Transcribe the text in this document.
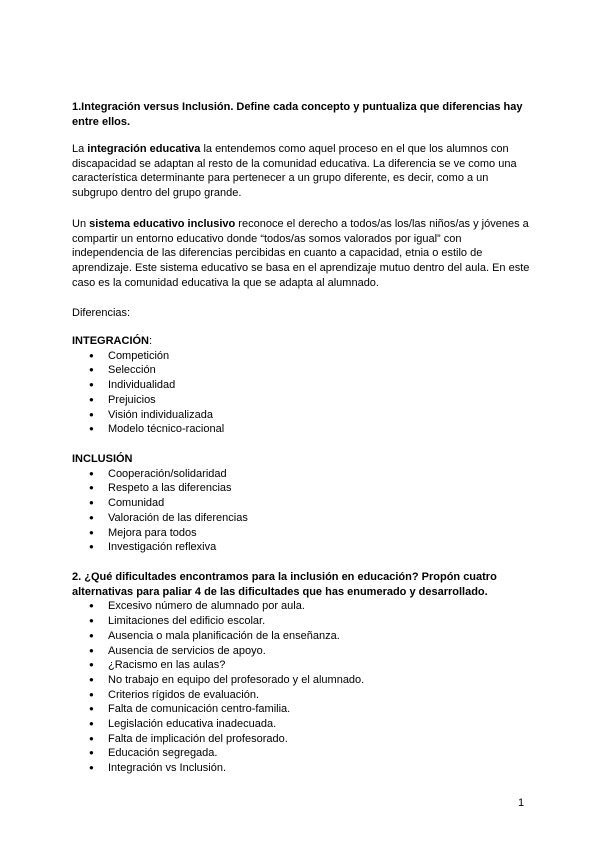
1.Integración versus Inclusión. Define cada concepto y puntualiza que diferencias hay entre ellos.

La integración educativa la entendemos como aquel proceso en el que los alumnos con discapacidad se adaptan al resto de la comunidad educativa. La diferencia se ve como una característica determinante para pertenecer a un grupo diferente, es decir, como a un subgrupo dentro del grupo grande.

Un sistema educativo inclusivo reconoce el derecho a todos/as los/las niños/as y jóvenes a compartir un entorno educativo donde “todos/as somos valorados por igual” con independencia de las diferencias percibidas en cuanto a capacidad, etnia o estilo de aprendizaje. Este sistema educativo se basa en el aprendizaje mutuo dentro del aula. En este caso es la comunidad educativa la que se adapta al alumnado.

Diferencias:

INTEGRACIÓN:

● Competición
● Selección
● Individualidad
● Prejuicios
● Visión individualizada
● Modelo técnico-racional

INCLUSIÓN

● Cooperación/solidaridad
● Respeto a las diferencias
● Comunidad
● Valoración de las diferencias
● Mejora para todos
● Investigación reflexiva

2. ¿Qué dificultades encontramos para la inclusión en educación? Propón cuatro alternativas para paliar 4 de las dificultades que has enumerado y desarrollado.

● Excesivo número de alumnado por aula.
● Limitaciones del edificio escolar.
● Ausencia o mala planificación de la enseñanza.
● Ausencia de servicios de apoyo.
● ¿Racismo en las aulas?
● No trabajo en equipo del profesorado y el alumnado.
● Criterios rígidos de evaluación.
● Falta de comunicación centro-familia.
● Legislación educativa inadecuada.
● Falta de implicación del profesorado.
● Educación segregada.
● Integración vs Inclusión.
1
